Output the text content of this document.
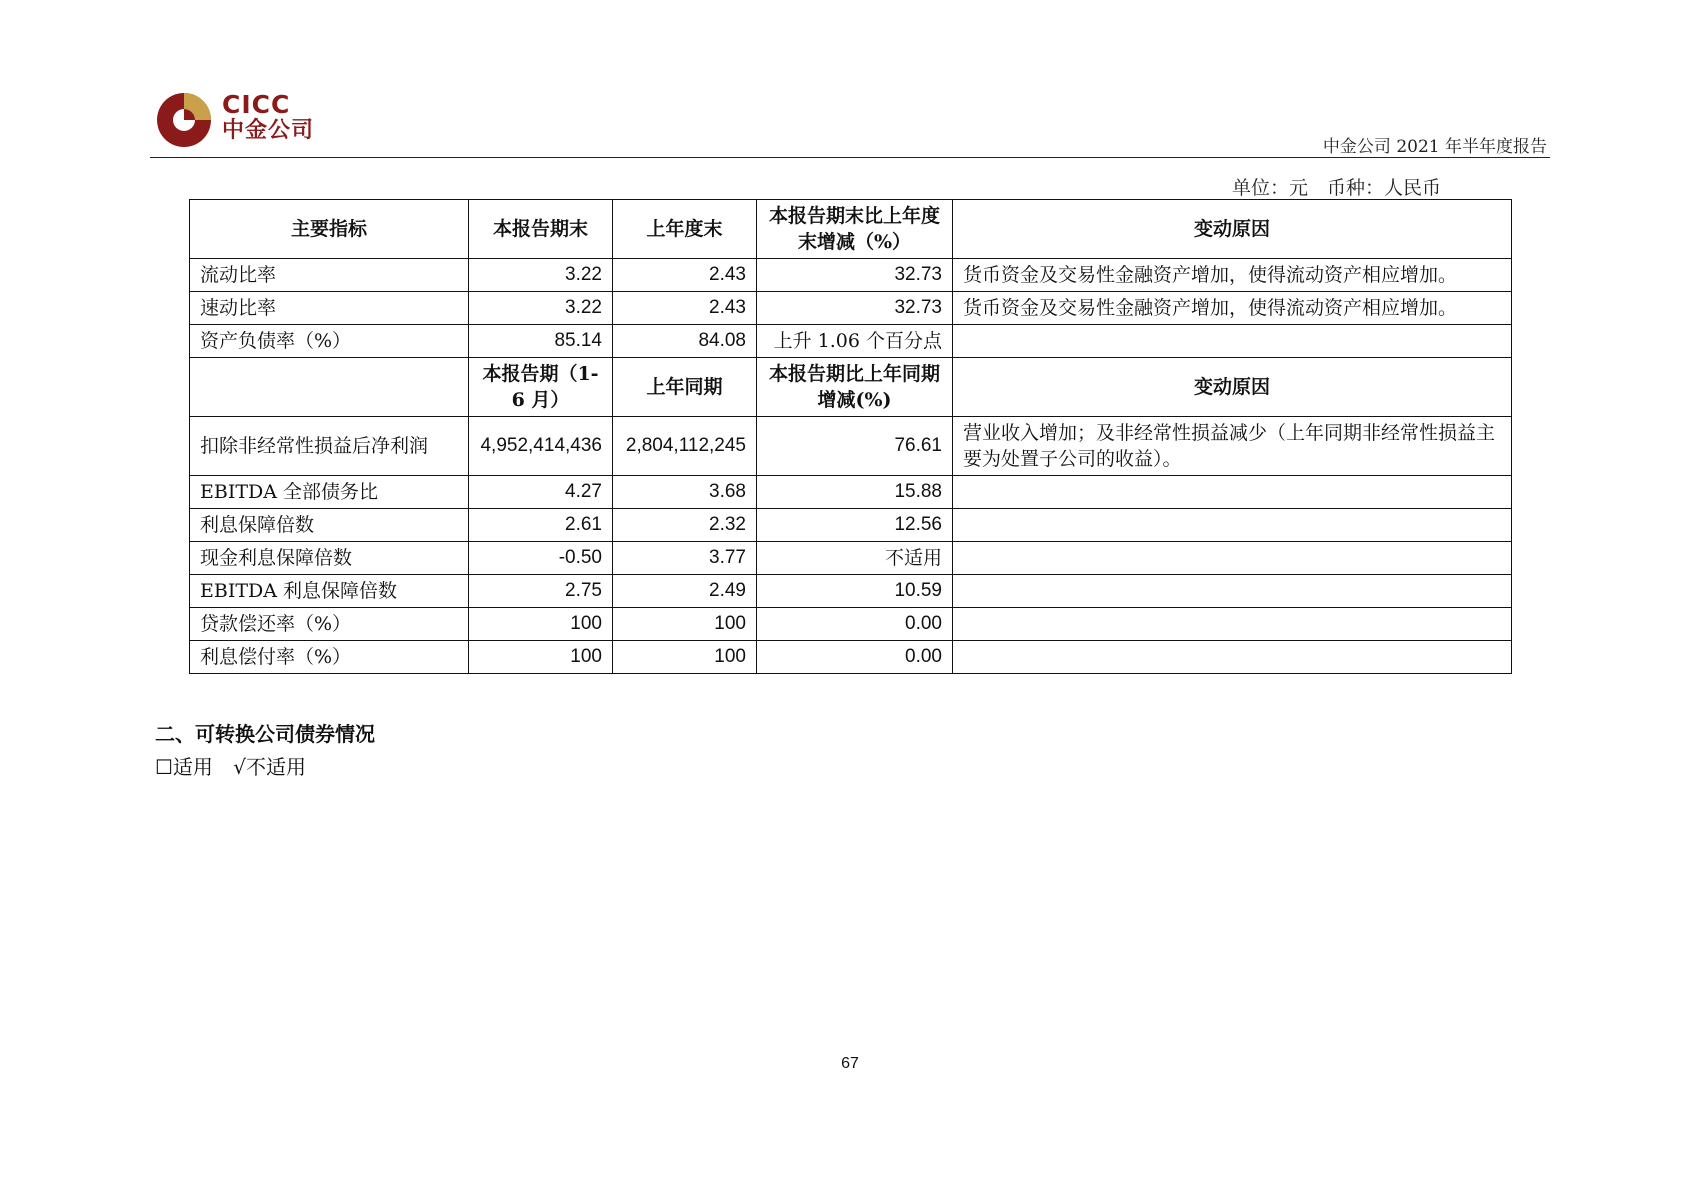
CICC
中金公司
中金公司 2021 年半年度报告
单位：元　币种：人民币
主要指标	本报告期末	上年度末	本报告期末比上年度末增减（%）	变动原因
流动比率	3.22	2.43	32.73	货币资金及交易性金融资产增加，使得流动资产相应增加。
速动比率	3.22	2.43	32.73	货币资金及交易性金融资产增加，使得流动资产相应增加。
资产负债率（%）	85.14	84.08	上升 1.06 个百分点	
	本报告期（1-6 月）	上年同期	本报告期比上年同期增减(%)	变动原因
扣除非经常性损益后净利润	4,952,414,436	2,804,112,245	76.61	营业收入增加；及非经常性损益减少（上年同期非经常性损益主要为处置子公司的收益）。
EBITDA 全部债务比	4.27	3.68	15.88	
利息保障倍数	2.61	2.32	12.56	
现金利息保障倍数	-0.50	3.77	不适用	
EBITDA 利息保障倍数	2.75	2.49	10.59	
贷款偿还率（%）	100	100	0.00	
利息偿付率（%）	100	100	0.00	
二、可转换公司债券情况
☐适用 √不适用
67
